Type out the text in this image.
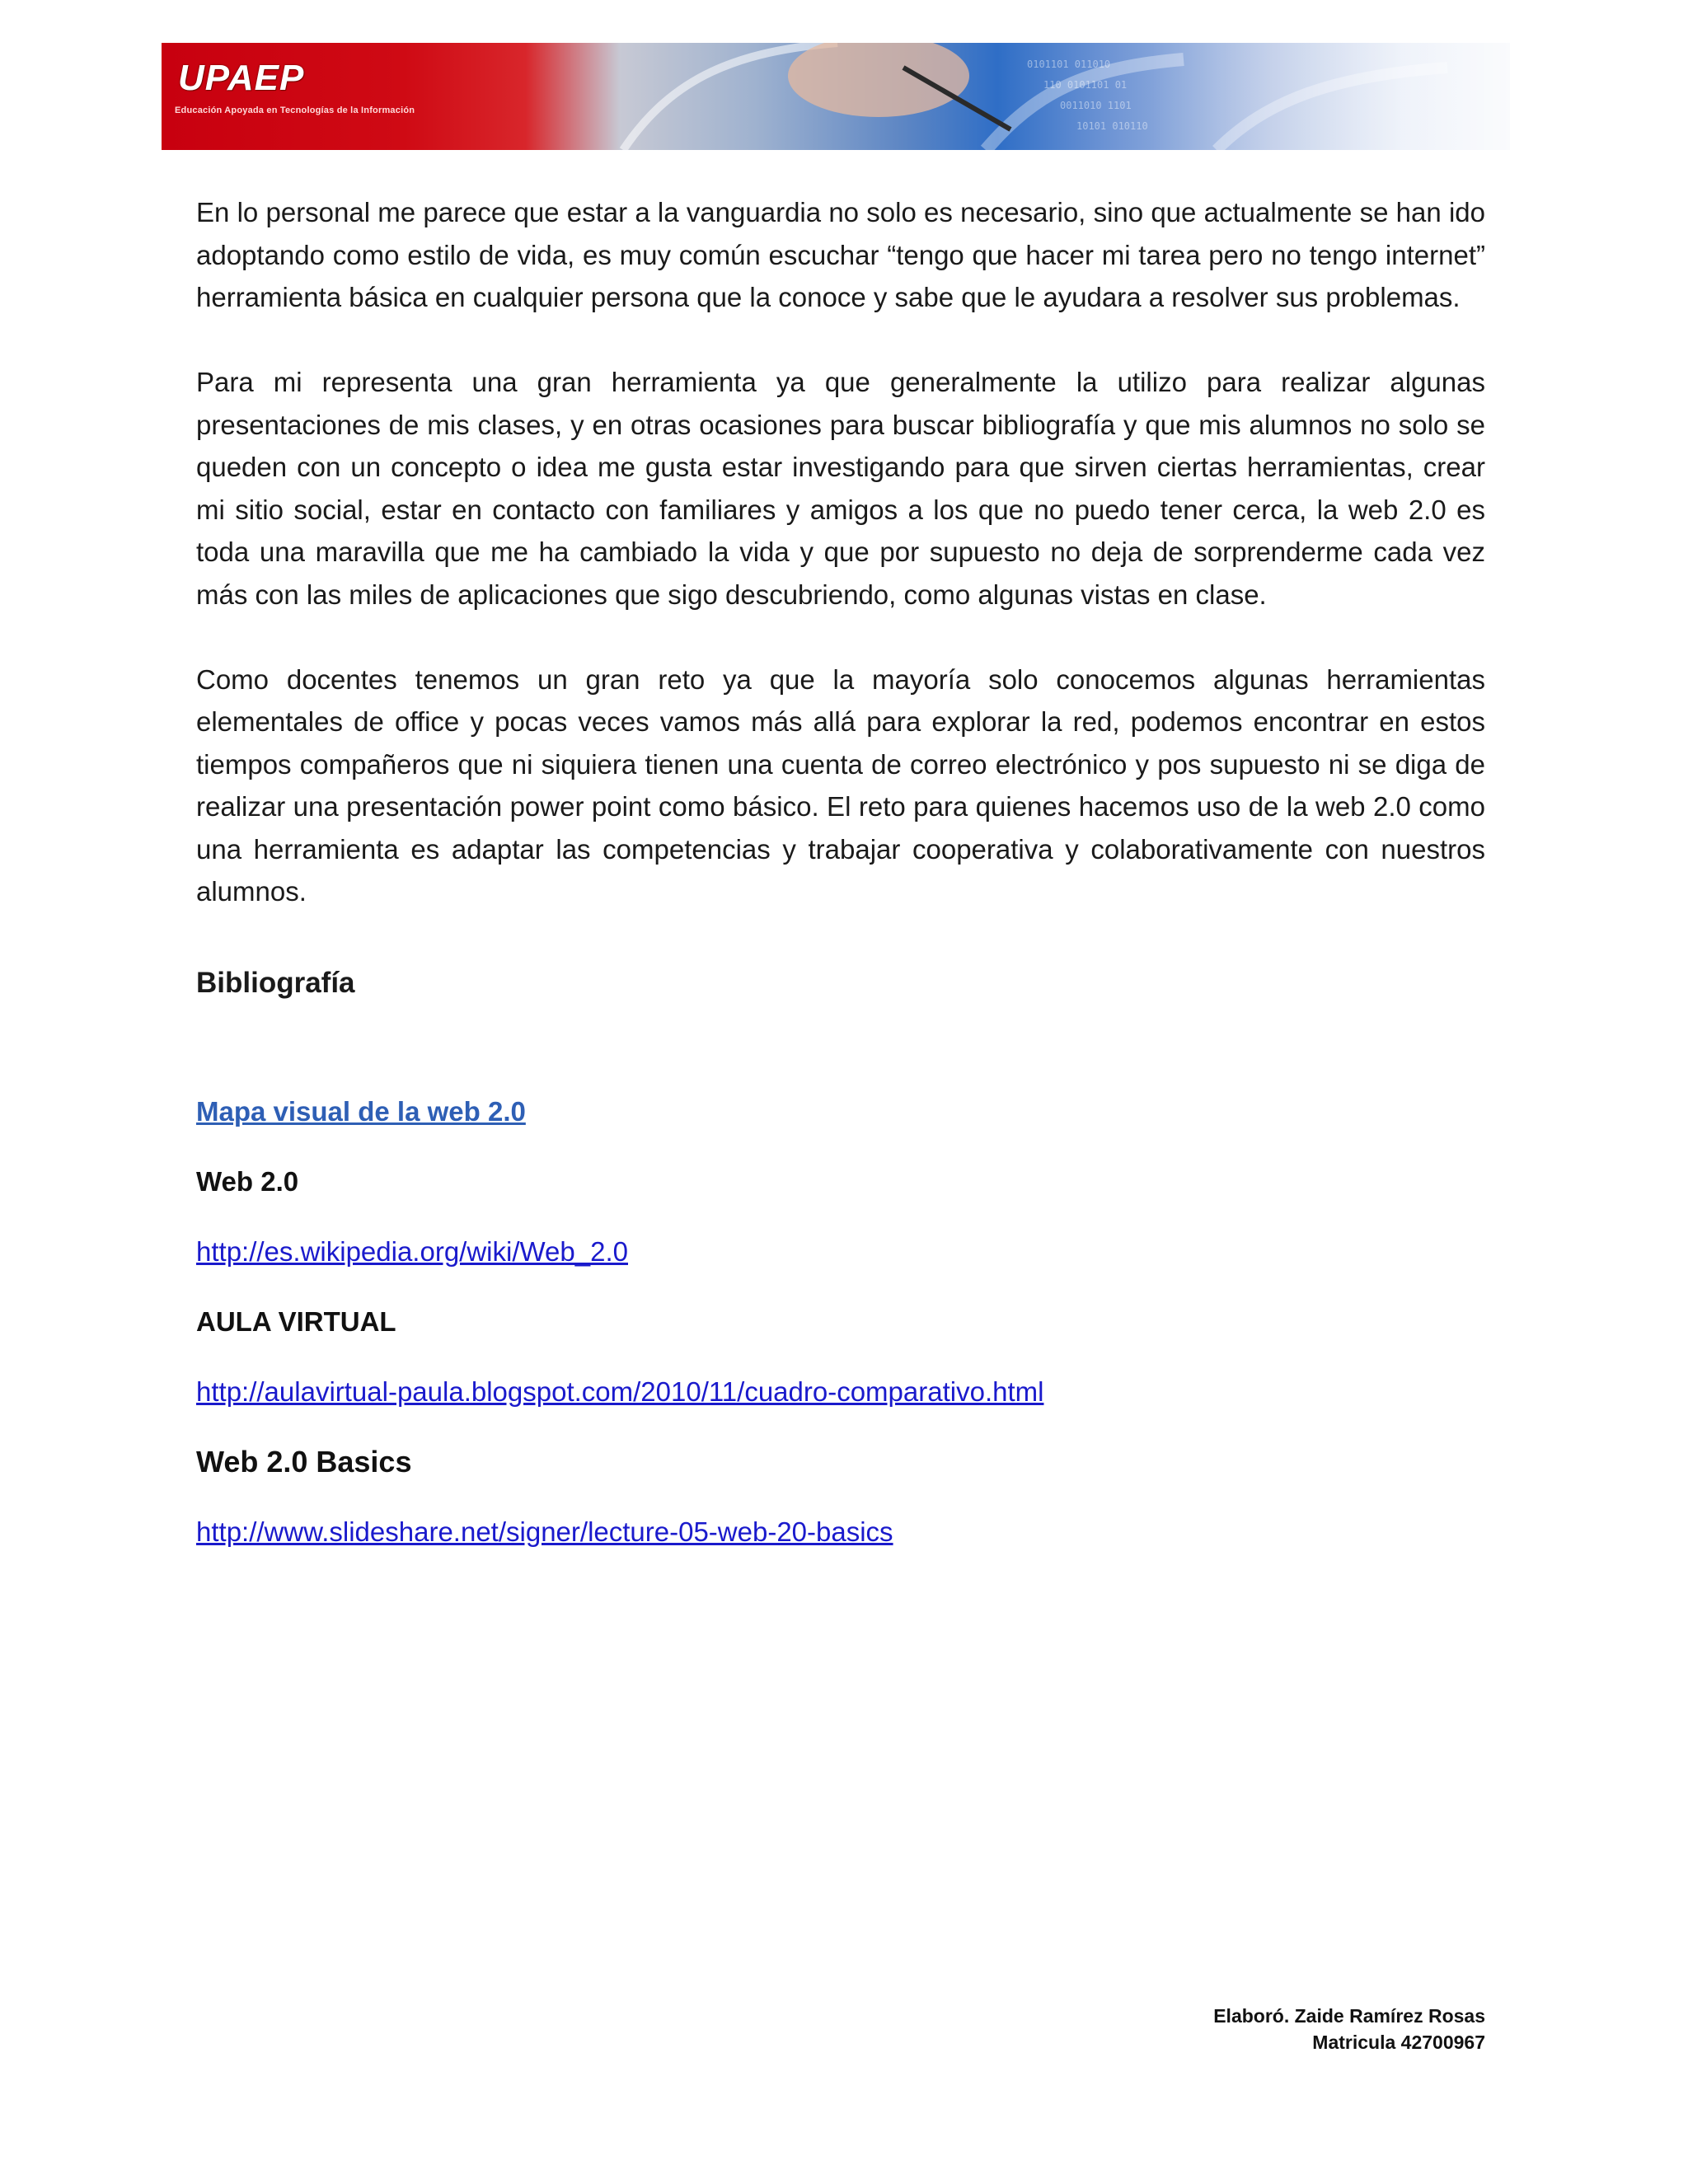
0101101 011010
110 0101101 01
0011010 1101
10101 010110
UPAEP
Educación Apoyada en Tecnologías de la Información

En lo personal me parece que estar a la vanguardia no solo es necesario, sino que actualmente se han ido adoptando como estilo de vida, es muy común escuchar “tengo que hacer mi tarea pero no tengo internet” herramienta básica en cualquier persona que la conoce y sabe que le ayudara a resolver sus problemas.

Para mi representa una gran herramienta ya que generalmente la utilizo para realizar algunas presentaciones de mis clases, y en otras ocasiones para buscar bibliografía y que mis alumnos no solo se queden con un concepto o idea me gusta estar investigando para que sirven ciertas herramientas, crear mi sitio social, estar en contacto con familiares y amigos a los que no puedo tener cerca, la web 2.0 es toda una maravilla que me ha cambiado la vida y que por supuesto no deja de sorprenderme cada vez más con las miles de aplicaciones que sigo descubriendo, como algunas vistas en clase.

Como docentes tenemos un gran reto ya que la mayoría solo conocemos algunas herramientas elementales de office y pocas veces vamos más allá para explorar la red, podemos encontrar en estos tiempos compañeros que ni siquiera tienen una cuenta de correo electrónico y pos supuesto ni se diga de realizar una presentación power point como básico. El reto para quienes hacemos uso de la web 2.0 como una herramienta es adaptar las competencias y trabajar cooperativa y colaborativamente con nuestros alumnos.

Bibliografía
Mapa visual de la web 2.0
Web 2.0
http://es.wikipedia.org/wiki/Web_2.0
AULA VIRTUAL
http://aulavirtual-paula.blogspot.com/2010/11/cuadro-comparativo.html
Web 2.0 Basics
http://www.slideshare.net/signer/lecture-05-web-20-basics
Elaboró. Zaide Ramírez Rosas
Matricula 42700967
